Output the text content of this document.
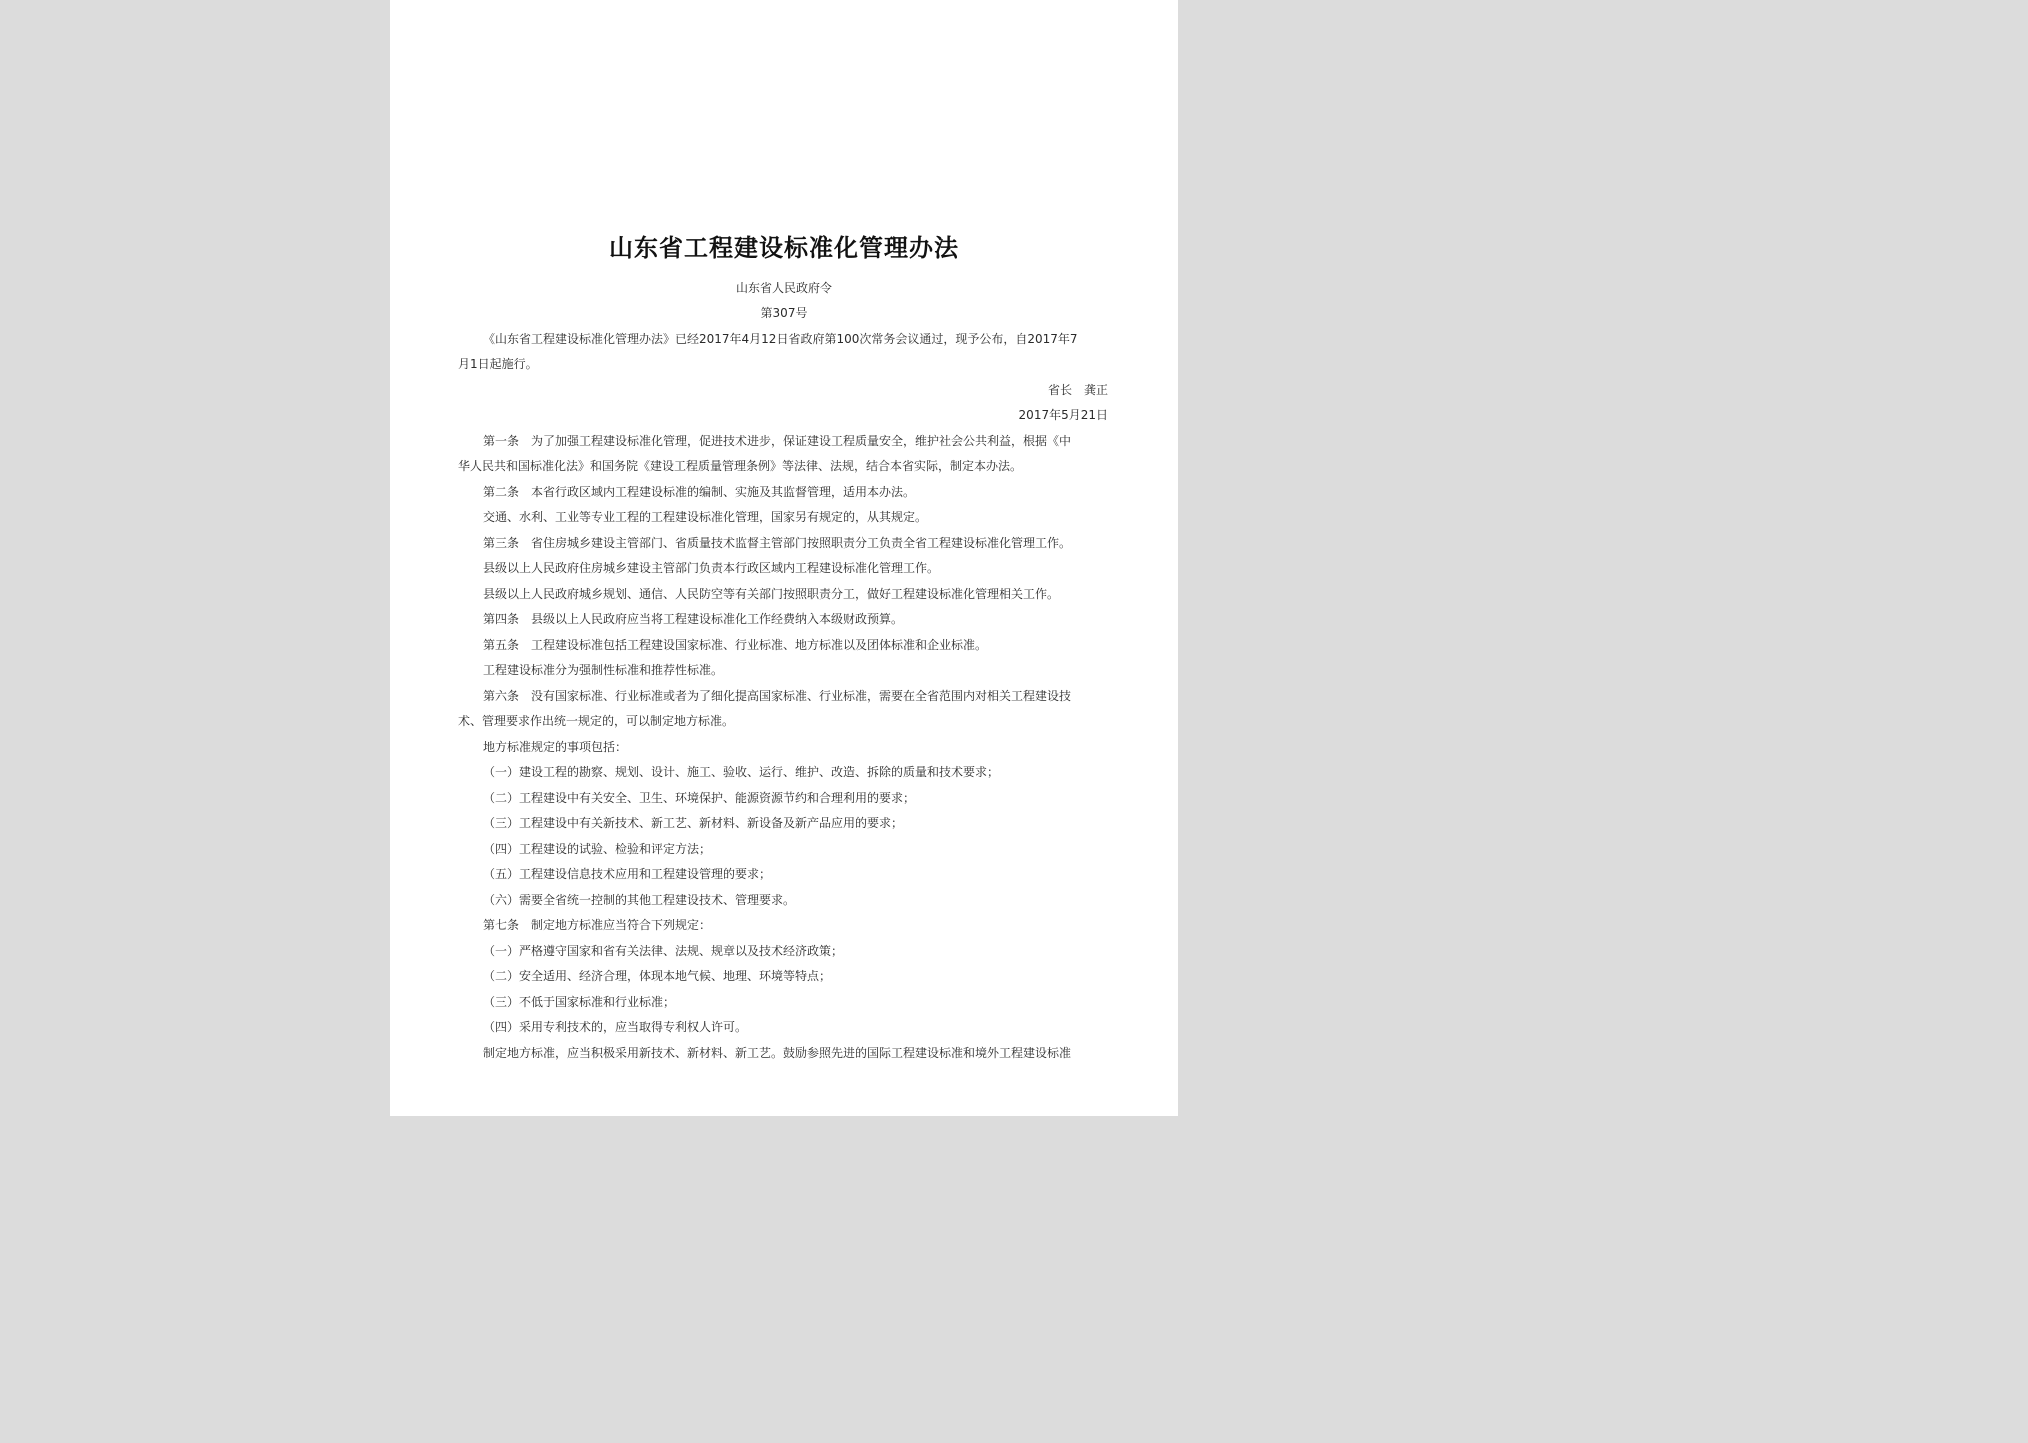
山东省工程建设标准化管理办法
山东省人民政府令
第307号
《山东省工程建设标准化管理办法》已经2017年4月12日省政府第100次常务会议通过，现予公布，自2017年7
月1日起施行。
省长　龚正
2017年5月21日
第一条　为了加强工程建设标准化管理，促进技术进步，保证建设工程质量安全，维护社会公共利益，根据《中
华人民共和国标准化法》和国务院《建设工程质量管理条例》等法律、法规，结合本省实际，制定本办法。
第二条　本省行政区域内工程建设标准的编制、实施及其监督管理，适用本办法。
交通、水利、工业等专业工程的工程建设标准化管理，国家另有规定的，从其规定。
第三条　省住房城乡建设主管部门、省质量技术监督主管部门按照职责分工负责全省工程建设标准化管理工作。
县级以上人民政府住房城乡建设主管部门负责本行政区域内工程建设标准化管理工作。
县级以上人民政府城乡规划、通信、人民防空等有关部门按照职责分工，做好工程建设标准化管理相关工作。
第四条　县级以上人民政府应当将工程建设标准化工作经费纳入本级财政预算。
第五条　工程建设标准包括工程建设国家标准、行业标准、地方标准以及团体标准和企业标准。
工程建设标准分为强制性标准和推荐性标准。
第六条　没有国家标准、行业标准或者为了细化提高国家标准、行业标准，需要在全省范围内对相关工程建设技
术、管理要求作出统一规定的，可以制定地方标准。
地方标准规定的事项包括：
（一）建设工程的勘察、规划、设计、施工、验收、运行、维护、改造、拆除的质量和技术要求；
（二）工程建设中有关安全、卫生、环境保护、能源资源节约和合理利用的要求；
（三）工程建设中有关新技术、新工艺、新材料、新设备及新产品应用的要求；
（四）工程建设的试验、检验和评定方法；
（五）工程建设信息技术应用和工程建设管理的要求；
（六）需要全省统一控制的其他工程建设技术、管理要求。
第七条　制定地方标准应当符合下列规定：
（一）严格遵守国家和省有关法律、法规、规章以及技术经济政策；
（二）安全适用、经济合理，体现本地气候、地理、环境等特点；
（三）不低于国家标准和行业标准；
（四）采用专利技术的，应当取得专利权人许可。
制定地方标准，应当积极采用新技术、新材料、新工艺。鼓励参照先进的国际工程建设标准和境外工程建设标准
